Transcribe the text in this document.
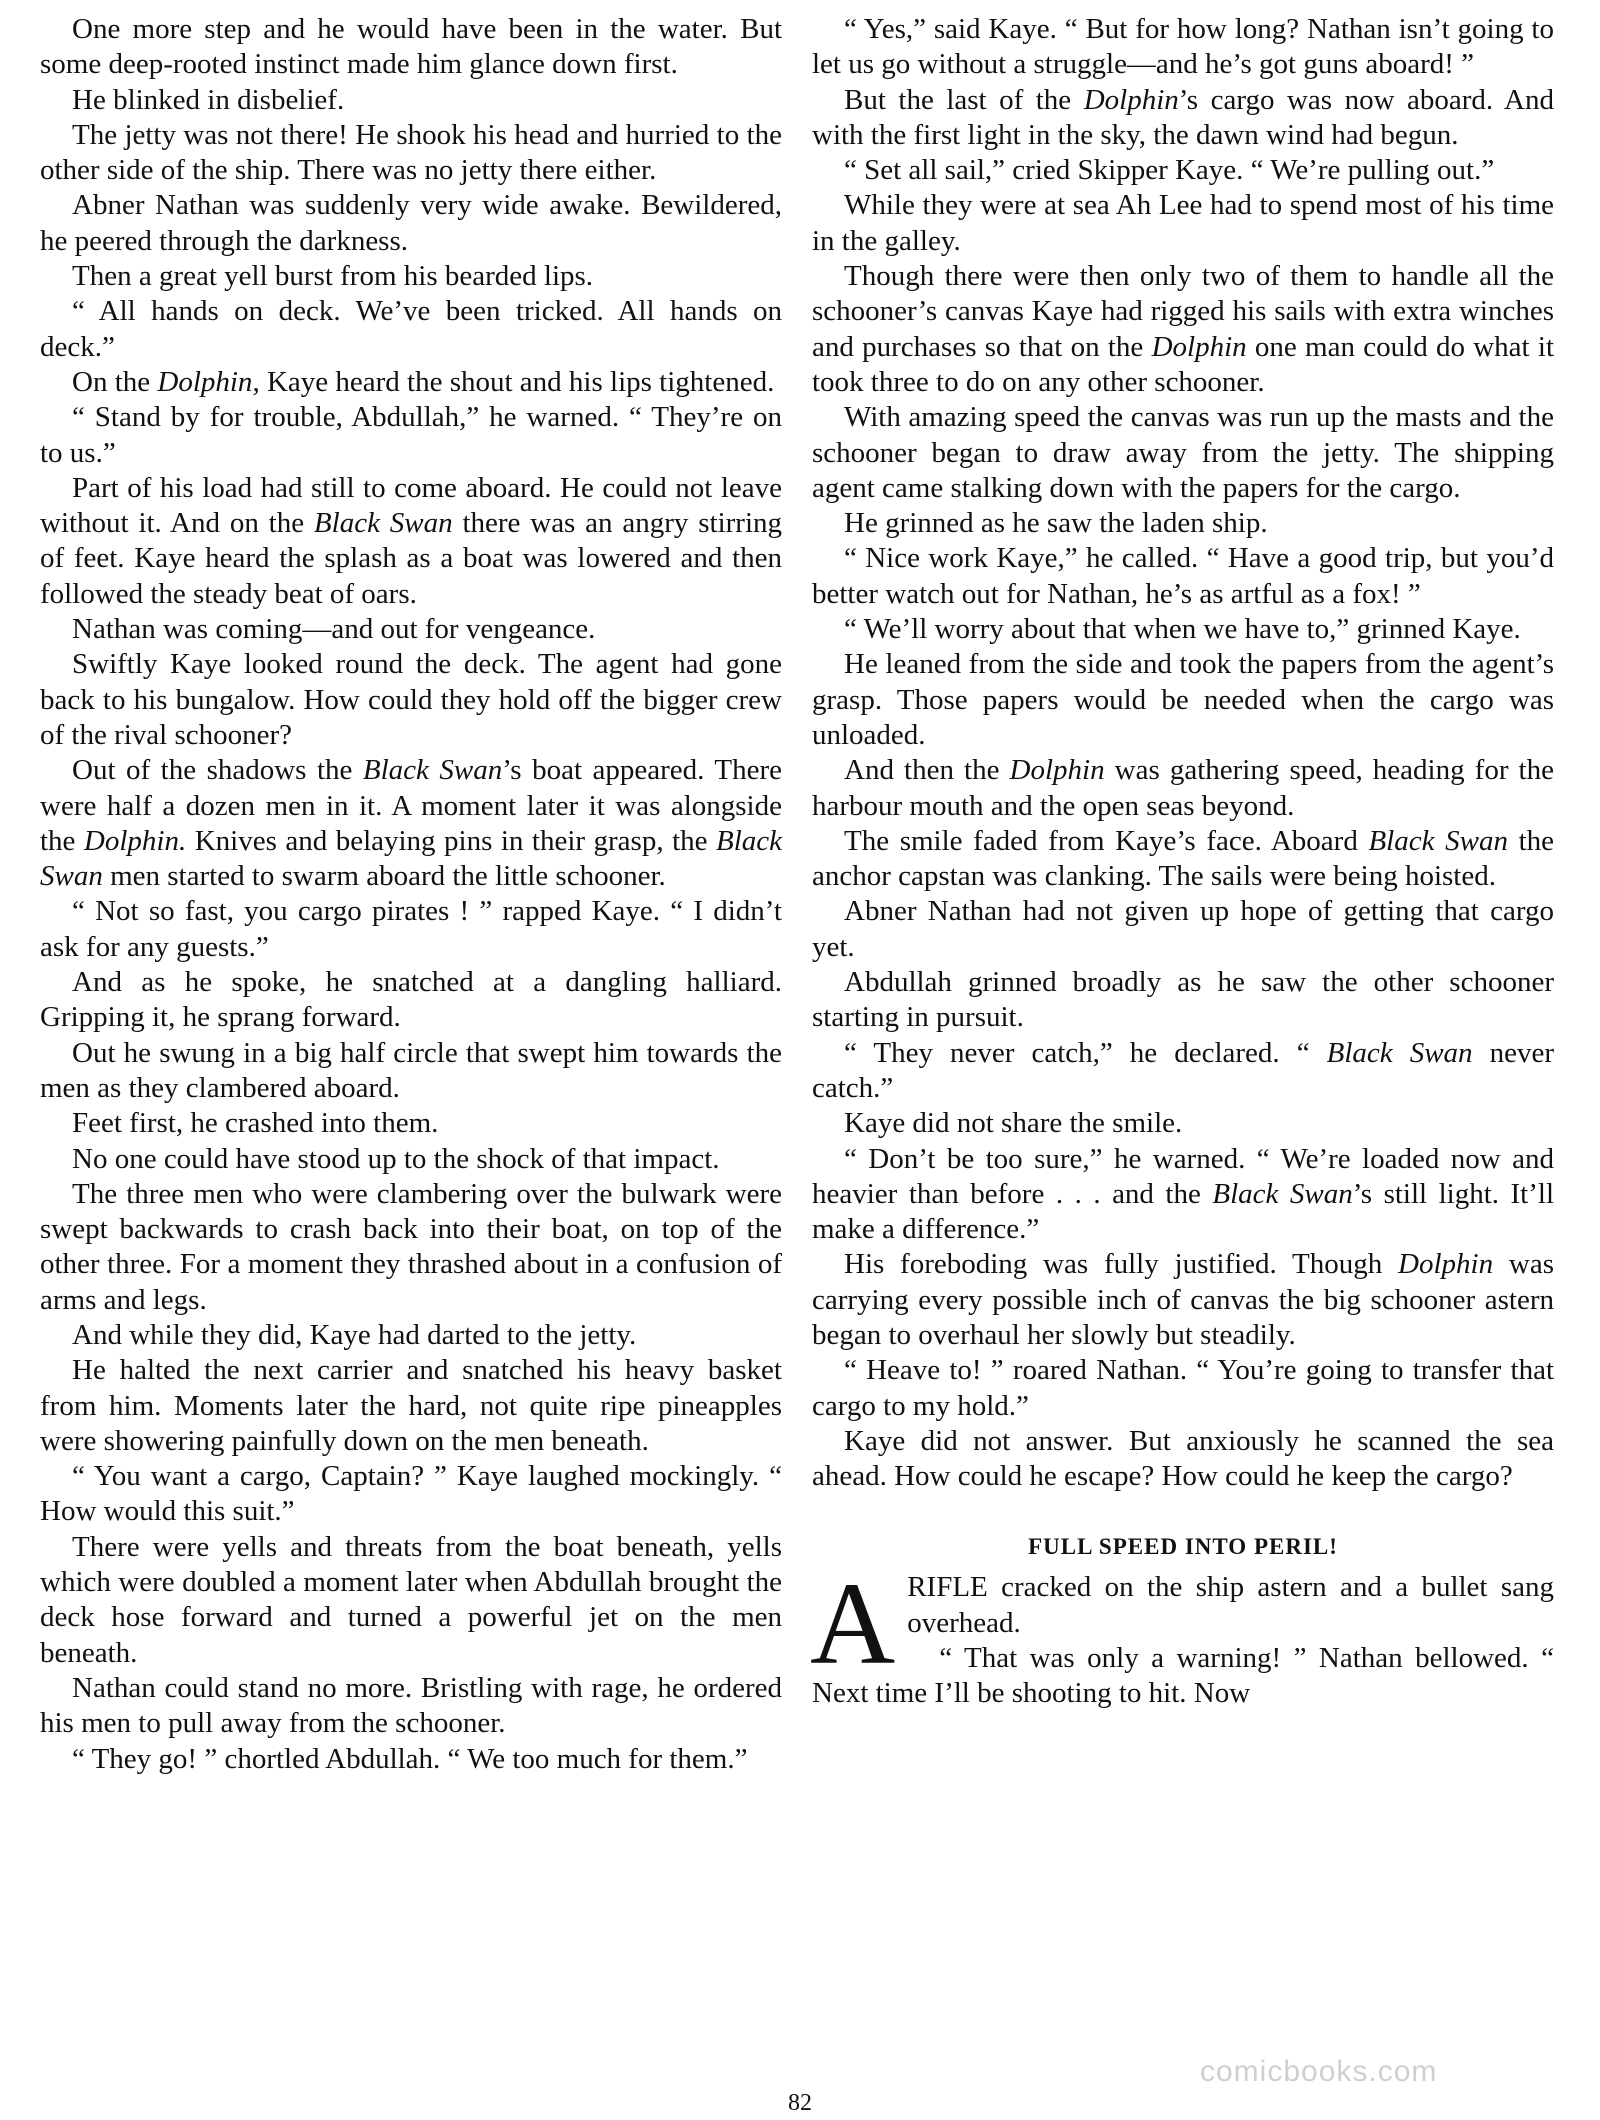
One more step and he would have been in the water. But some deep-rooted instinct made him glance down first.

He blinked in disbelief.

The jetty was not there! He shook his head and hurried to the other side of the ship. There was no jetty there either.

Abner Nathan was suddenly very wide awake. Bewildered, he peered through the darkness.

Then a great yell burst from his bearded lips.

“ All hands on deck. We’ve been tricked. All hands on deck.”

On the Dolphin, Kaye heard the shout and his lips tightened.

“ Stand by for trouble, Abdullah,” he warned. “ They’re on to us.”

Part of his load had still to come aboard. He could not leave without it. And on the Black Swan there was an angry stirring of feet. Kaye heard the splash as a boat was lowered and then followed the steady beat of oars.

Nathan was coming—and out for vengeance.

Swiftly Kaye looked round the deck. The agent had gone back to his bungalow. How could they hold off the bigger crew of the rival schooner?

Out of the shadows the Black Swan’s boat appeared. There were half a dozen men in it. A moment later it was alongside the Dolphin. Knives and belaying pins in their grasp, the Black Swan men started to swarm aboard the little schooner.

“ Not so fast, you cargo pirates ! ” rapped Kaye. “ I didn’t ask for any guests.”

And as he spoke, he snatched at a dangling halliard. Gripping it, he sprang forward.

Out he swung in a big half circle that swept him towards the men as they clambered aboard.

Feet first, he crashed into them.

No one could have stood up to the shock of that impact.

The three men who were clambering over the bulwark were swept backwards to crash back into their boat, on top of the other three. For a moment they thrashed about in a confusion of arms and legs.

And while they did, Kaye had darted to the jetty.

He halted the next carrier and snatched his heavy basket from him. Moments later the hard, not quite ripe pineapples were showering painfully down on the men beneath.

“ You want a cargo, Captain? ” Kaye laughed mockingly. “ How would this suit.”

There were yells and threats from the boat beneath, yells which were doubled a moment later when Abdullah brought the deck hose forward and turned a powerful jet on the men beneath.

Nathan could stand no more. Bristling with rage, he ordered his men to pull away from the schooner.

“ They go! ” chortled Abdullah. “ We too much for them.”

“ Yes,” said Kaye. “ But for how long? Nathan isn’t going to let us go without a struggle—and he’s got guns aboard! ”

But the last of the Dolphin’s cargo was now aboard. And with the first light in the sky, the dawn wind had begun.

“ Set all sail,” cried Skipper Kaye. “ We’re pulling out.”

While they were at sea Ah Lee had to spend most of his time in the galley.

Though there were then only two of them to handle all the schooner’s canvas Kaye had rigged his sails with extra winches and purchases so that on the Dolphin one man could do what it took three to do on any other schooner.

With amazing speed the canvas was run up the masts and the schooner began to draw away from the jetty. The shipping agent came stalking down with the papers for the cargo.

He grinned as he saw the laden ship.

“ Nice work Kaye,” he called. “ Have a good trip, but you’d better watch out for Nathan, he’s as artful as a fox! ”

“ We’ll worry about that when we have to,” grinned Kaye.

He leaned from the side and took the papers from the agent’s grasp. Those papers would be needed when the cargo was unloaded.

And then the Dolphin was gathering speed, heading for the harbour mouth and the open seas beyond.

The smile faded from Kaye’s face. Aboard Black Swan the anchor capstan was clanking. The sails were being hoisted.

Abner Nathan had not given up hope of getting that cargo yet.

Abdullah grinned broadly as he saw the other schooner starting in pursuit.

“ They never catch,” he declared. “ Black Swan never catch.”

Kaye did not share the smile.

“ Don’t be too sure,” he warned. “ We’re loaded now and heavier than before . . . and the Black Swan’s still light. It’ll make a difference.”

His foreboding was fully justified. Though Dolphin was carrying every possible inch of canvas the big schooner astern began to overhaul her slowly but steadily.

“ Heave to! ” roared Nathan. “ You’re going to transfer that cargo to my hold.”

Kaye did not answer. But anxiously he scanned the sea ahead. How could he escape? How could he keep the cargo?

FULL SPEED INTO PERIL!

ARIFLE cracked on the ship astern and a bullet sang overhead.

“ That was only a warning! ” Nathan bellowed. “ Next time I’ll be shooting to hit. Now

82
comicbooks.com
